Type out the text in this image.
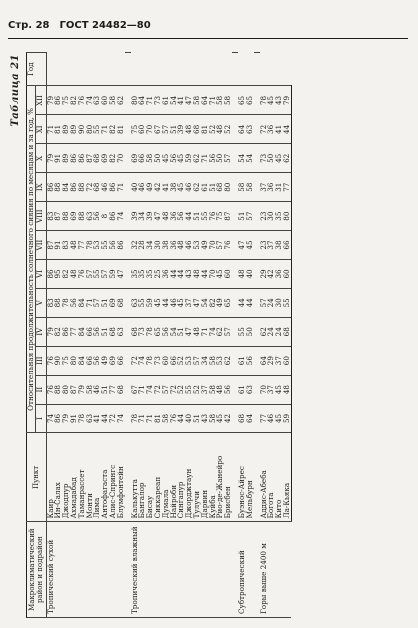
Стр. 28 ГОСТ 24482—80
Таблица 21
Макроклиматический район и подрайон	Пункт	Относительная продолжительность солнечного сияния по месяцам и за год, %												Год
		I	II	III	IV	V	VI	VII	VIII	IX	X	XI	XII	
Тропический сухой	Каир	74	76	76	79	83	86	87	83	86	79	71	79	
	Ин-Салах	86	88	90	82	88	95	91	87	88	91	81	86	
	Джодпур	79	80	75	86	78	82	83	88	84	89	89	75	
	Ахмадабад	91	87	80	77	56	48	48	69	86	86	89	82	
	Таманрассет	78	79	84	84	84	76	77	88	88	86	90	76	
	Монти	63	58	66	66	71	57	78	63	72	87	80	74	
	Лима	41	46	56	56	57	55	53	56	68	68	55	63	
	Антофагаста	44	51	49	51	51	57	55	8	46	69	71	60	
	Алис-Спрингс	72	77	69	68	69	59	56	86	86	82	82	58	
	Блумфонтейн	74	68	66	63	68	47	86	74	71	70	81	62	

Тропический влажный	Калькутта	78	67	72	68	63	35	32	39	40	69	75	80	
	Бангалор	71	71	74	73	55	35	28	34	46	66	60	64	
	Бисау	71	74	78	78	59	35	34	39	49	58	70	71	
	Сиккареап	81	72	73	65	45	25	30	47	42	50	67	73	
	Думала	58	57	60	56	44	36	38	48	41	45	57	61	
	Найроби	76	72	66	54	46	44	36	36	38	56	51	54	
	Сингапур	44	52	52	51	45	44	48	56	45	45	39	41	
	Джорджтаун	40	55	53	47	37	43	46	44	46	59	48	47	
	Тулучи	51	52	57	48	47	48	53	51	62	62	68	58	
	Дарвин	43	37	34	71	54	44	49	55	61	71	81	64	
	Куйба	58	58	58	74	82	70	70	76	51	56	52	71	
	Рио-де-Жанейро	45	48	53	62	49	45	57	75	68	50	48	58	
	Брисбен	42	56	62	57	65	60	76	87	80	57	52	58	

Субтропический	Буэнос-Айрес	68	61	61	55	44	48	47	51	58	54	64	65	
	Мельбурн	64	63	56	50	44	40	45	57	58	54	63	65	

Горы выше 2400 м	Аддис-Абеба	77	70	64	62	57	29	23	23	37	73	72	78	
	Богота	46	37	29	24	24	42	37	30	36	50	36	45	
	Кито	45	45	37	24	30	36	38	35	31	45	41	43	
	Ла-Кьяка	59	48	60	68	55	60	66	80	77	62	44	79	
